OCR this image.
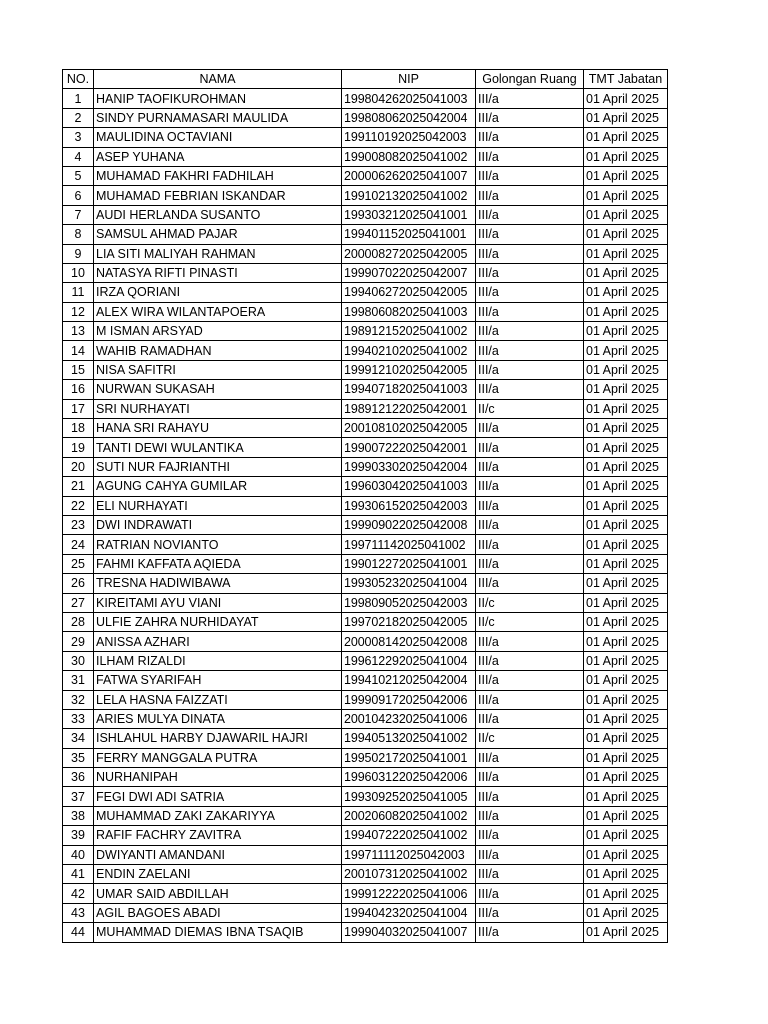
NO.	NAMA	NIP	Golongan Ruang	TMT Jabatan
1	HANIP TAOFIKUROHMAN	199804262025041003	III/a	01 April 2025
2	SINDY PURNAMASARI MAULIDA	199808062025042004	III/a	01 April 2025
3	MAULIDINA OCTAVIANI	199110192025042003	III/a	01 April 2025
4	ASEP YUHANA	199008082025041002	III/a	01 April 2025
5	MUHAMAD FAKHRI FADHILAH	200006262025041007	III/a	01 April 2025
6	MUHAMAD FEBRIAN ISKANDAR	199102132025041002	III/a	01 April 2025
7	AUDI HERLANDA SUSANTO	199303212025041001	III/a	01 April 2025
8	SAMSUL AHMAD PAJAR	199401152025041001	III/a	01 April 2025
9	LIA SITI MALIYAH RAHMAN	200008272025042005	III/a	01 April 2025
10	NATASYA RIFTI PINASTI	199907022025042007	III/a	01 April 2025
11	IRZA QORIANI	199406272025042005	III/a	01 April 2025
12	ALEX WIRA WILANTAPOERA	199806082025041003	III/a	01 April 2025
13	M ISMAN ARSYAD	198912152025041002	III/a	01 April 2025
14	WAHIB RAMADHAN	199402102025041002	III/a	01 April 2025
15	NISA SAFITRI	199912102025042005	III/a	01 April 2025
16	NURWAN SUKASAH	199407182025041003	III/a	01 April 2025
17	SRI NURHAYATI	198912122025042001	II/c	01 April 2025
18	HANA SRI RAHAYU	200108102025042005	III/a	01 April 2025
19	TANTI DEWI WULANTIKA	199007222025042001	III/a	01 April 2025
20	SUTI NUR FAJRIANTHI	199903302025042004	III/a	01 April 2025
21	AGUNG CAHYA GUMILAR	199603042025041003	III/a	01 April 2025
22	ELI NURHAYATI	199306152025042003	III/a	01 April 2025
23	DWI INDRAWATI	199909022025042008	III/a	01 April 2025
24	RATRIAN NOVIANTO	199711142025041002	III/a	01 April 2025
25	FAHMI KAFFATA AQIEDA	199012272025041001	III/a	01 April 2025
26	TRESNA HADIWIBAWA	199305232025041004	III/a	01 April 2025
27	KIREITAMI AYU VIANI	199809052025042003	II/c	01 April 2025
28	ULFIE ZAHRA NURHIDAYAT	199702182025042005	II/c	01 April 2025
29	ANISSA AZHARI	200008142025042008	III/a	01 April 2025
30	ILHAM RIZALDI	199612292025041004	III/a	01 April 2025
31	FATWA SYARIFAH	199410212025042004	III/a	01 April 2025
32	LELA HASNA FAIZZATI	199909172025042006	III/a	01 April 2025
33	ARIES MULYA DINATA	200104232025041006	III/a	01 April 2025
34	ISHLAHUL HARBY DJAWARIL HAJRI	199405132025041002	II/c	01 April 2025
35	FERRY MANGGALA PUTRA	199502172025041001	III/a	01 April 2025
36	NURHANIPAH	199603122025042006	III/a	01 April 2025
37	FEGI DWI ADI SATRIA	199309252025041005	III/a	01 April 2025
38	MUHAMMAD ZAKI ZAKARIYYA	200206082025041002	III/a	01 April 2025
39	RAFIF FACHRY ZAVITRA	199407222025041002	III/a	01 April 2025
40	DWIYANTI AMANDANI	199711112025042003	III/a	01 April 2025
41	ENDIN ZAELANI	200107312025041002	III/a	01 April 2025
42	UMAR SAID ABDILLAH	199912222025041006	III/a	01 April 2025
43	AGIL BAGOES ABADI	199404232025041004	III/a	01 April 2025
44	MUHAMMAD DIEMAS IBNA TSAQIB	199904032025041007	III/a	01 April 2025
